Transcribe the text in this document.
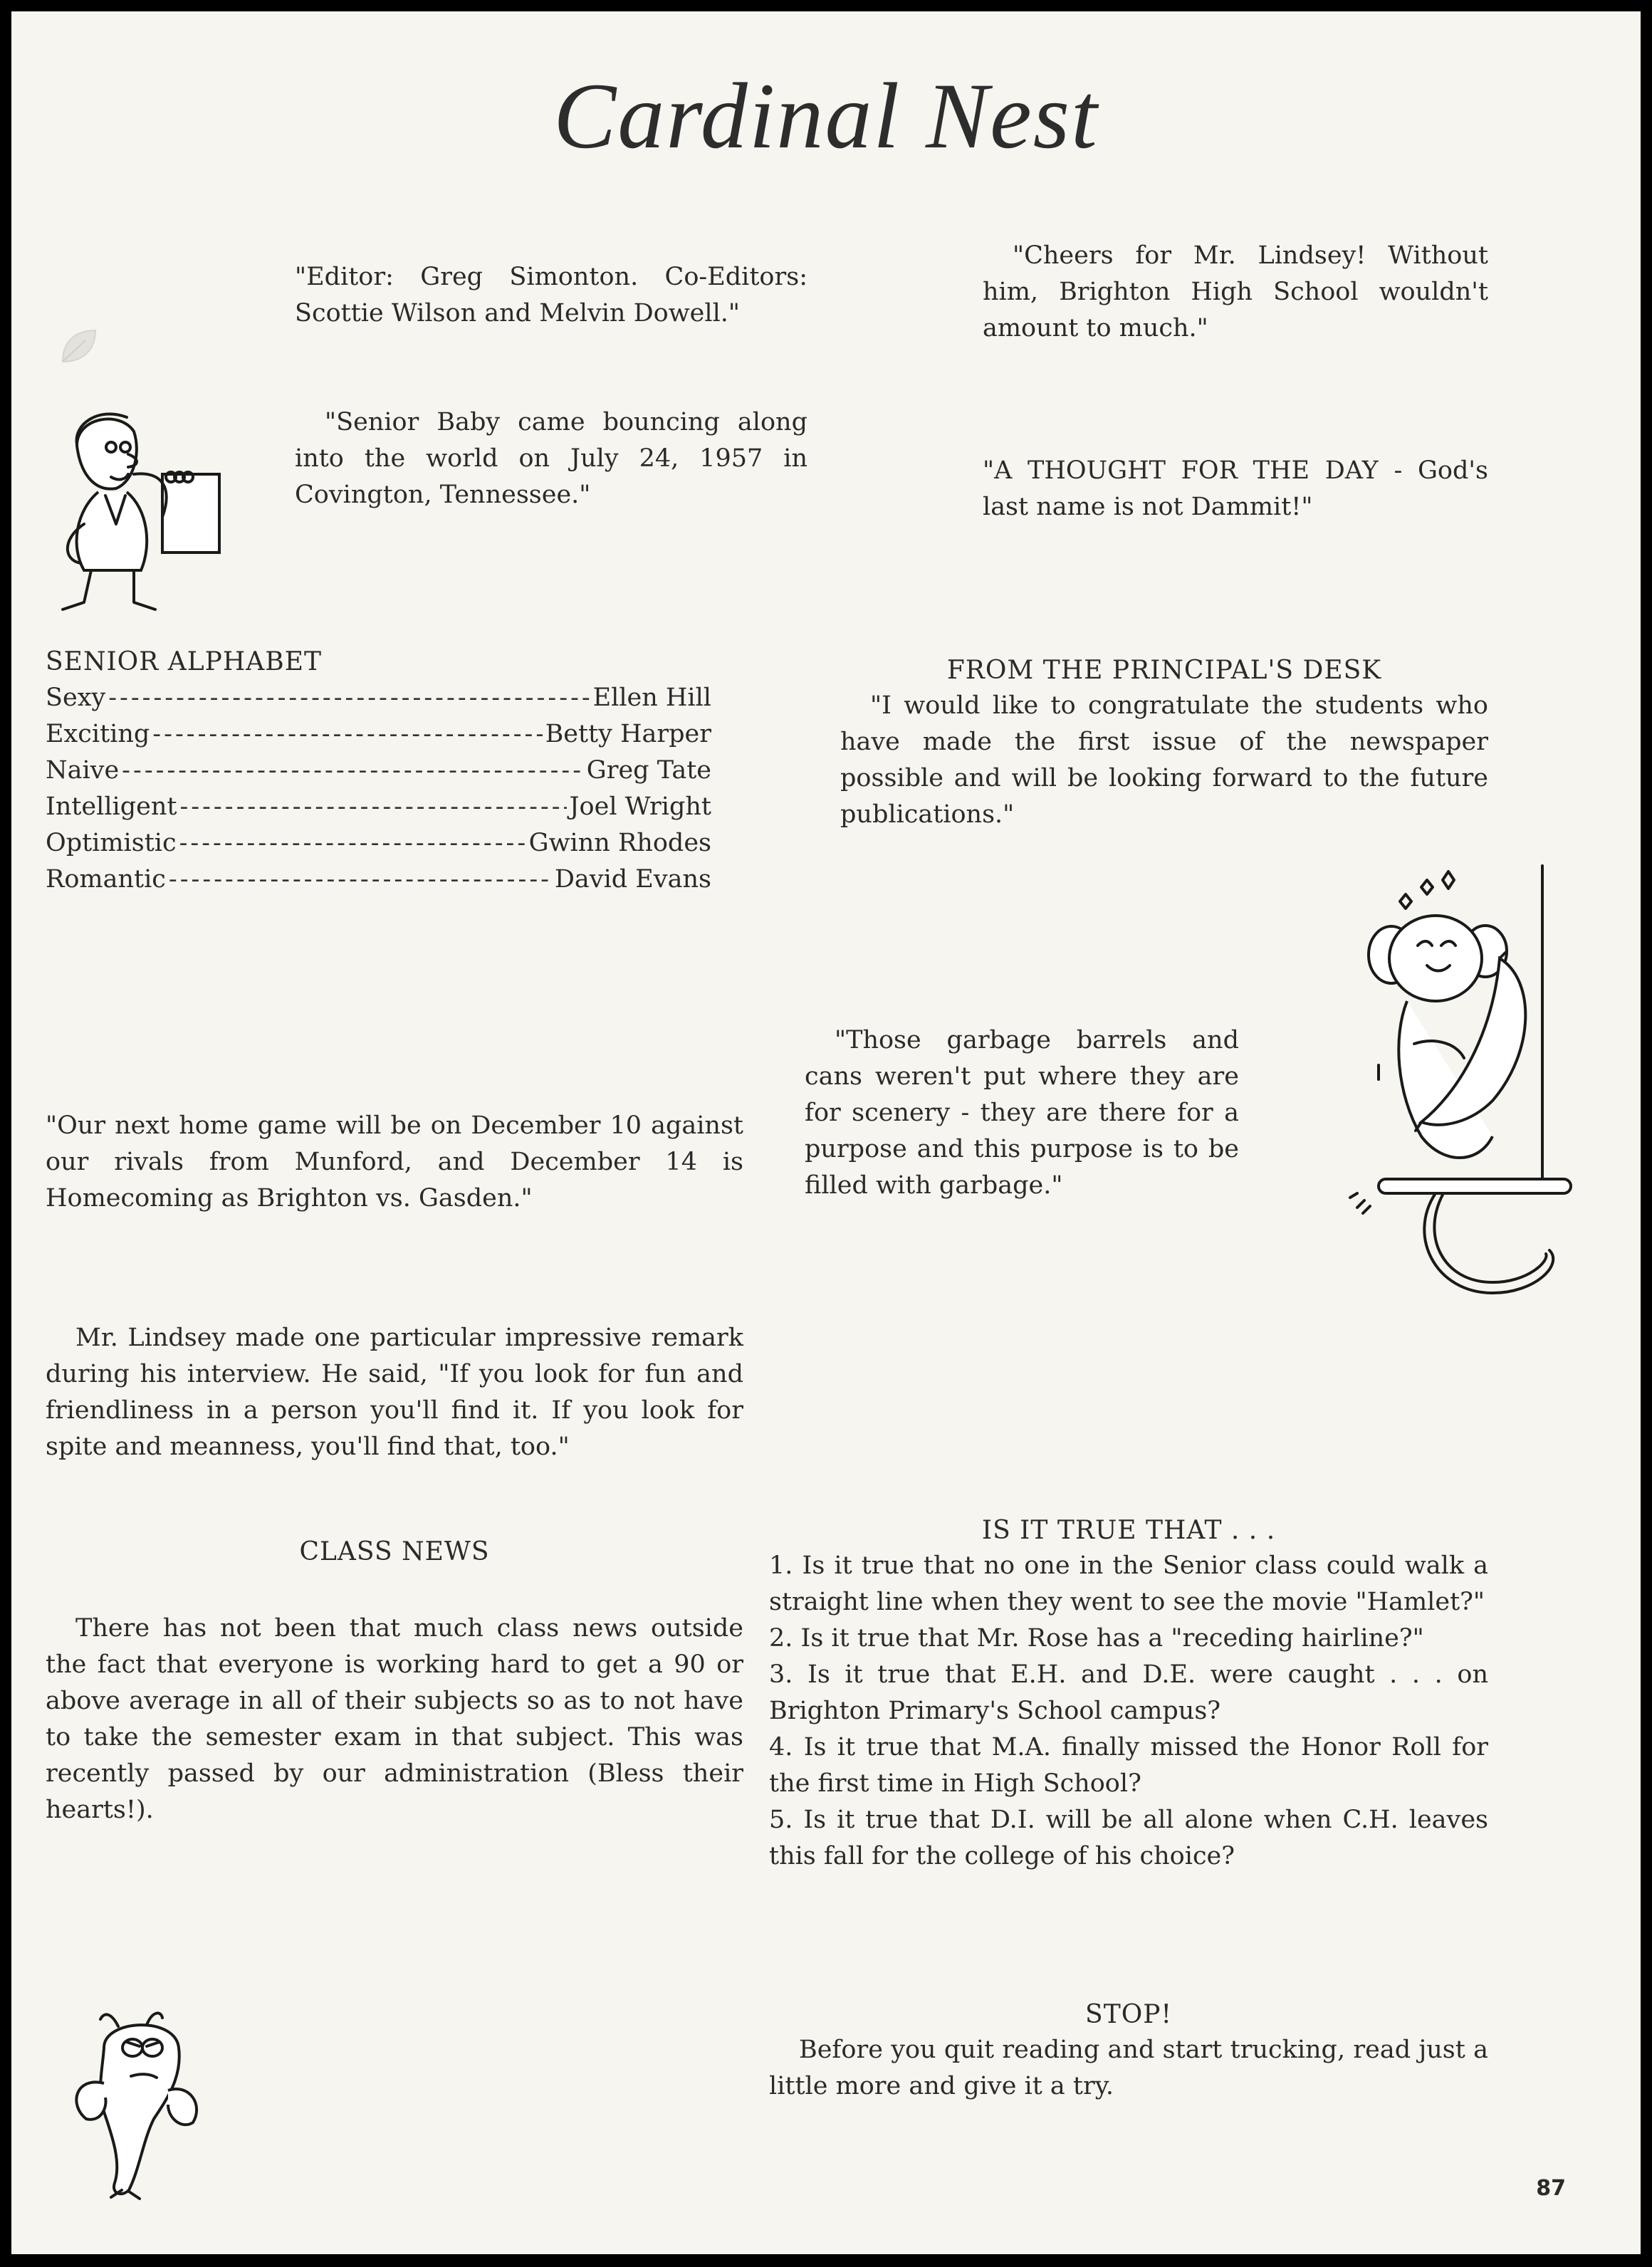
Cardinal Nest
"Editor: Greg Simonton. Co-Editors: Scottie Wilson and Melvin Dowell."
"Senior Baby came bouncing along into the world on July 24, 1957 in Covington, Tennessee."
SENIOR ALPHABET
Sexy -----	Ellen Hill
Exciting -----	Betty Harper
Naive -----	Greg Tate
Intelligent -----	Joel Wright
Optimistic -----	Gwinn Rhodes
Romantic -----	David Evans
"Our next home game will be on December 10 against our rivals from Munford, and December 14 is Homecoming as Brighton vs. Gasden."
Mr. Lindsey made one particular impressive remark during his interview. He said, "If you look for fun and friendliness in a person you'll find it. If you look for spite and meanness, you'll find that, too."
CLASS NEWS
There has not been that much class news outside the fact that everyone is working hard to get a 90 or above average in all of their subjects so as to not have to take the semester exam in that subject. This was recently passed by our administration (Bless their hearts!).
"Cheers for Mr. Lindsey! Without him, Brighton High School wouldn't amount to much."
"A THOUGHT FOR THE DAY - God's last name is not Dammit!"
FROM THE PRINCIPAL'S DESK
"I would like to congratulate the students who have made the first issue of the newspaper possible and will be looking forward to the future publications."
"Those garbage barrels and cans weren't put where they are for scenery - they are there for a purpose and this purpose is to be filled with garbage."
IS IT TRUE THAT . . .

1. Is it true that no one in the Senior class could walk a straight line when they went to see the movie "Hamlet?"

2. Is it true that Mr. Rose has a "receding hairline?"

3. Is it true that E.H. and D.E. were caught . . . on Brighton Primary's School campus?

4. Is it true that M.A. finally missed the Honor Roll for the first time in High School?

5. Is it true that D.I. will be all alone when C.H. leaves this fall for the college of his choice?

STOP!
Before you quit reading and start trucking, read just a little more and give it a try.
87
